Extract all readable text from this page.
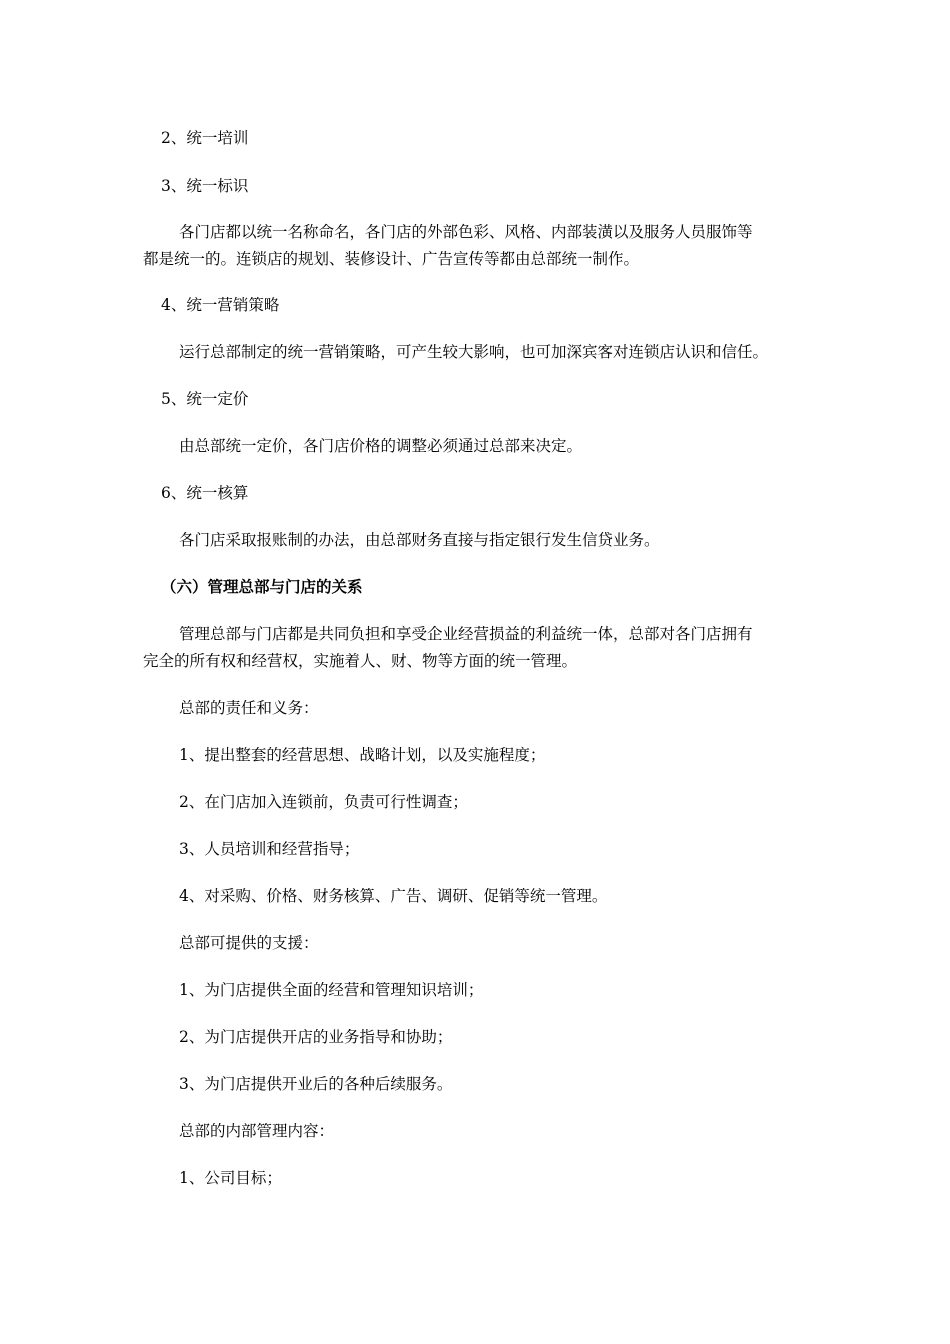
2、统一培训
3、统一标识
各门店都以统一名称命名，各门店的外部色彩、风格、内部装潢以及服务人员服饰等
都是统一的。连锁店的规划、装修设计、广告宣传等都由总部统一制作。
4、统一营销策略
运行总部制定的统一营销策略，可产生较大影响，也可加深宾客对连锁店认识和信任。
5、统一定价
由总部统一定价，各门店价格的调整必须通过总部来决定。
6、统一核算
各门店采取报账制的办法，由总部财务直接与指定银行发生信贷业务。
（六）管理总部与门店的关系
管理总部与门店都是共同负担和享受企业经营损益的利益统一体，总部对各门店拥有
完全的所有权和经营权，实施着人、财、物等方面的统一管理。
总部的责任和义务：
1、提出整套的经营思想、战略计划，以及实施程度；
2、在门店加入连锁前，负责可行性调查；
3、人员培训和经营指导；
4、对采购、价格、财务核算、广告、调研、促销等统一管理。
总部可提供的支援：
1、为门店提供全面的经营和管理知识培训；
2、为门店提供开店的业务指导和协助；
3、为门店提供开业后的各种后续服务。
总部的内部管理内容：
1、公司目标；
